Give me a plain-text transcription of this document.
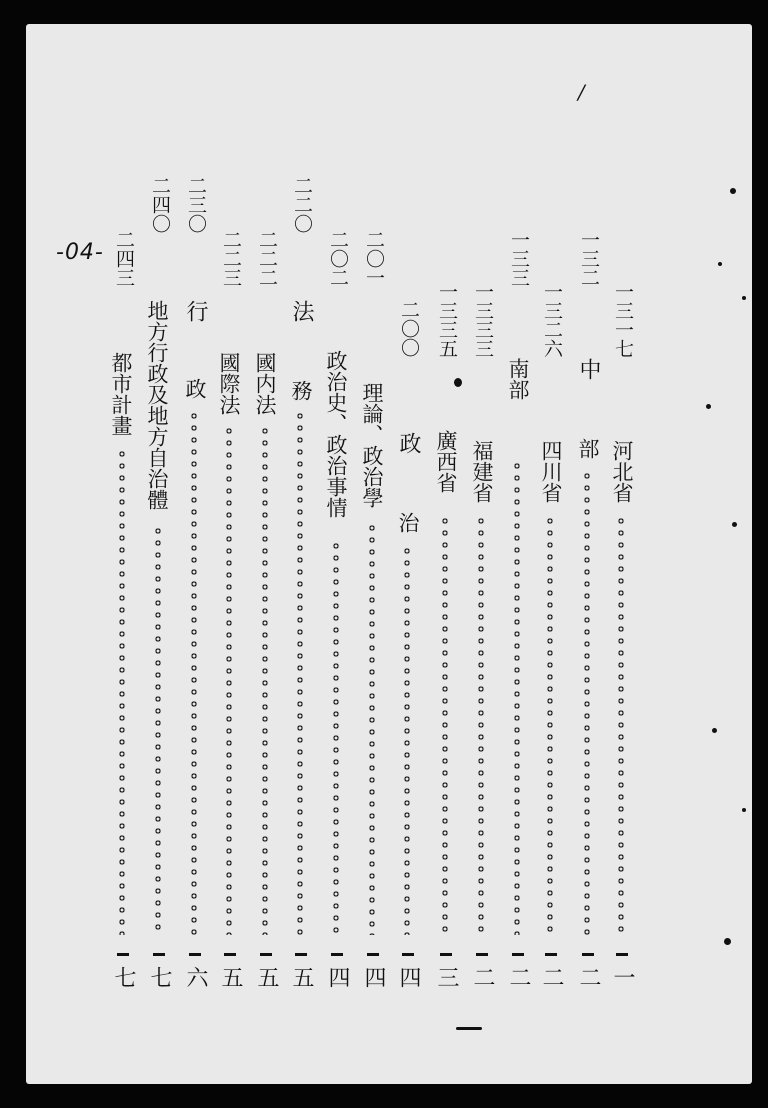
-04-
/
一三一七
河北省
一
一三二
中
部
二
一三二六
四川省
二
一三三
南部
二
一三三三
福建省
二
一三三五
廣西省
三
二〇〇
政
治
四
二〇一
理論、政治學
四
二〇二
政治史、政治事情
四
二二〇
法
務
五
二二二
國内法
五
二二三
國際法
五
二三〇
行
政
六
二四〇
地方行政及地方自治體
七
二四三
都市計畫
七
